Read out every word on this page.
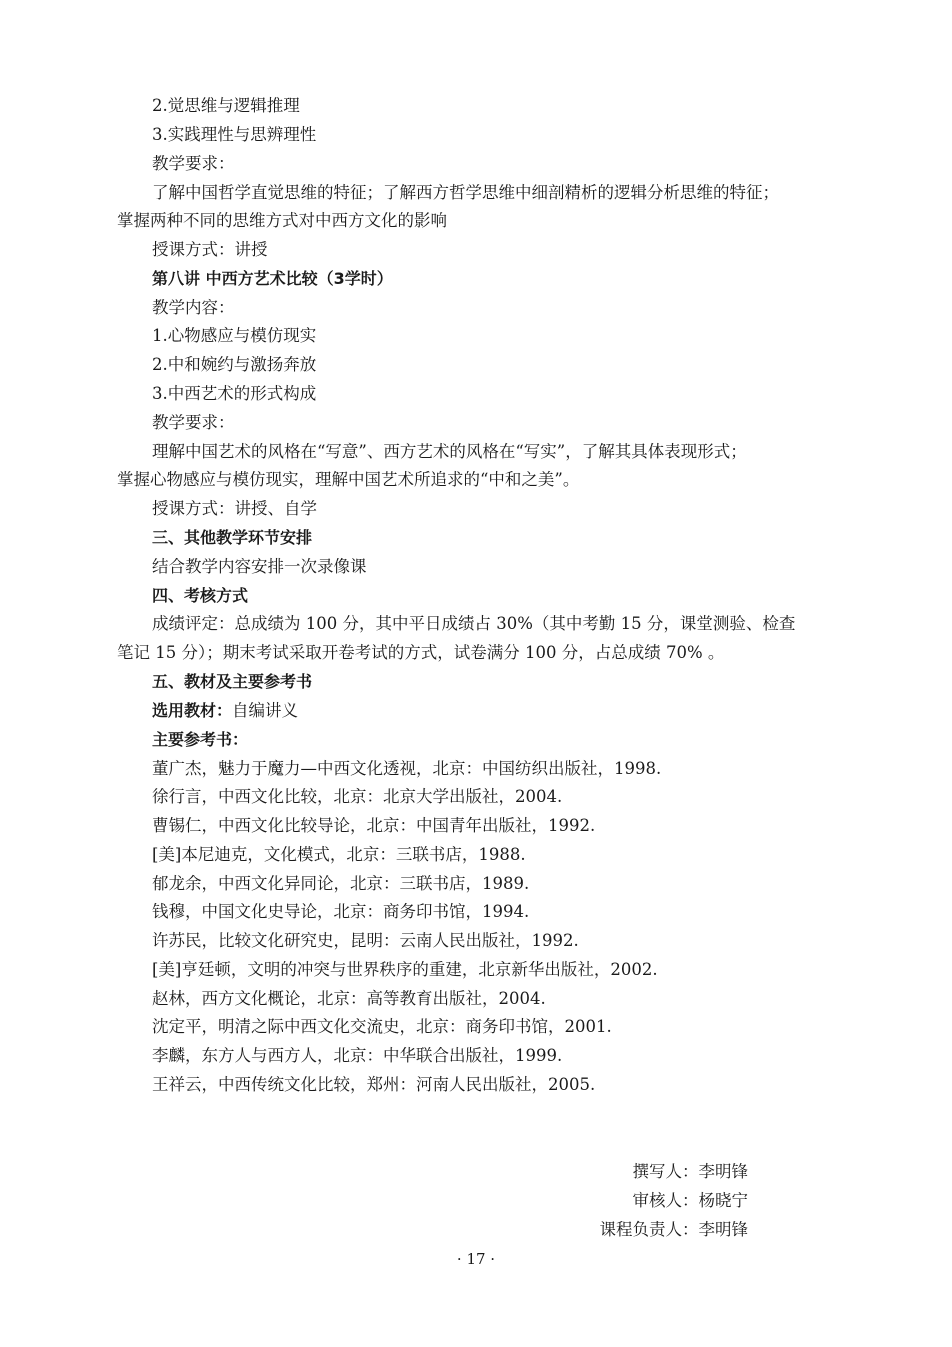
2.觉思维与逻辑推理
3.实践理性与思辨理性
教学要求：
了解中国哲学直觉思维的特征；了解西方哲学思维中细剖精析的逻辑分析思维的特征；
掌握两种不同的思维方式对中西方文化的影响
授课方式：讲授
第八讲 中西方艺术比较（3学时）
教学内容：
1.心物感应与模仿现实
2.中和婉约与激扬奔放
3.中西艺术的形式构成
教学要求：
理解中国艺术的风格在“写意”、西方艺术的风格在“写实”，了解其具体表现形式；
掌握心物感应与模仿现实，理解中国艺术所追求的“中和之美”。
授课方式：讲授、自学
三、其他教学环节安排
结合教学内容安排一次录像课
四、考核方式
成绩评定：总成绩为 100 分，其中平日成绩占 30%（其中考勤 15 分，课堂测验、检查
笔记 15 分）；期末考试采取开卷考试的方式，试卷满分 100 分，占总成绩 70% 。
五、教材及主要参考书
选用教材：自编讲义
主要参考书：
董广杰，魅力于魔力—中西文化透视，北京：中国纺织出版社，1998.
徐行言，中西文化比较，北京：北京大学出版社，2004.
曹锡仁，中西文化比较导论，北京：中国青年出版社，1992.
[美]本尼迪克，文化模式，北京：三联书店，1988.
郁龙余，中西文化异同论，北京：三联书店，1989.
钱穆，中国文化史导论，北京：商务印书馆，1994.
许苏民，比较文化研究史，昆明：云南人民出版社，1992.
[美]亨廷顿，文明的冲突与世界秩序的重建，北京新华出版社，2002.
赵林，西方文化概论，北京：高等教育出版社，2004.
沈定平，明清之际中西文化交流史，北京：商务印书馆，2001.
李麟，东方人与西方人，北京：中华联合出版社，1999.
王祥云，中西传统文化比较，郑州：河南人民出版社，2005.
撰写人：李明锋
审核人：杨晓宁
课程负责人：李明锋
· 17 ·
